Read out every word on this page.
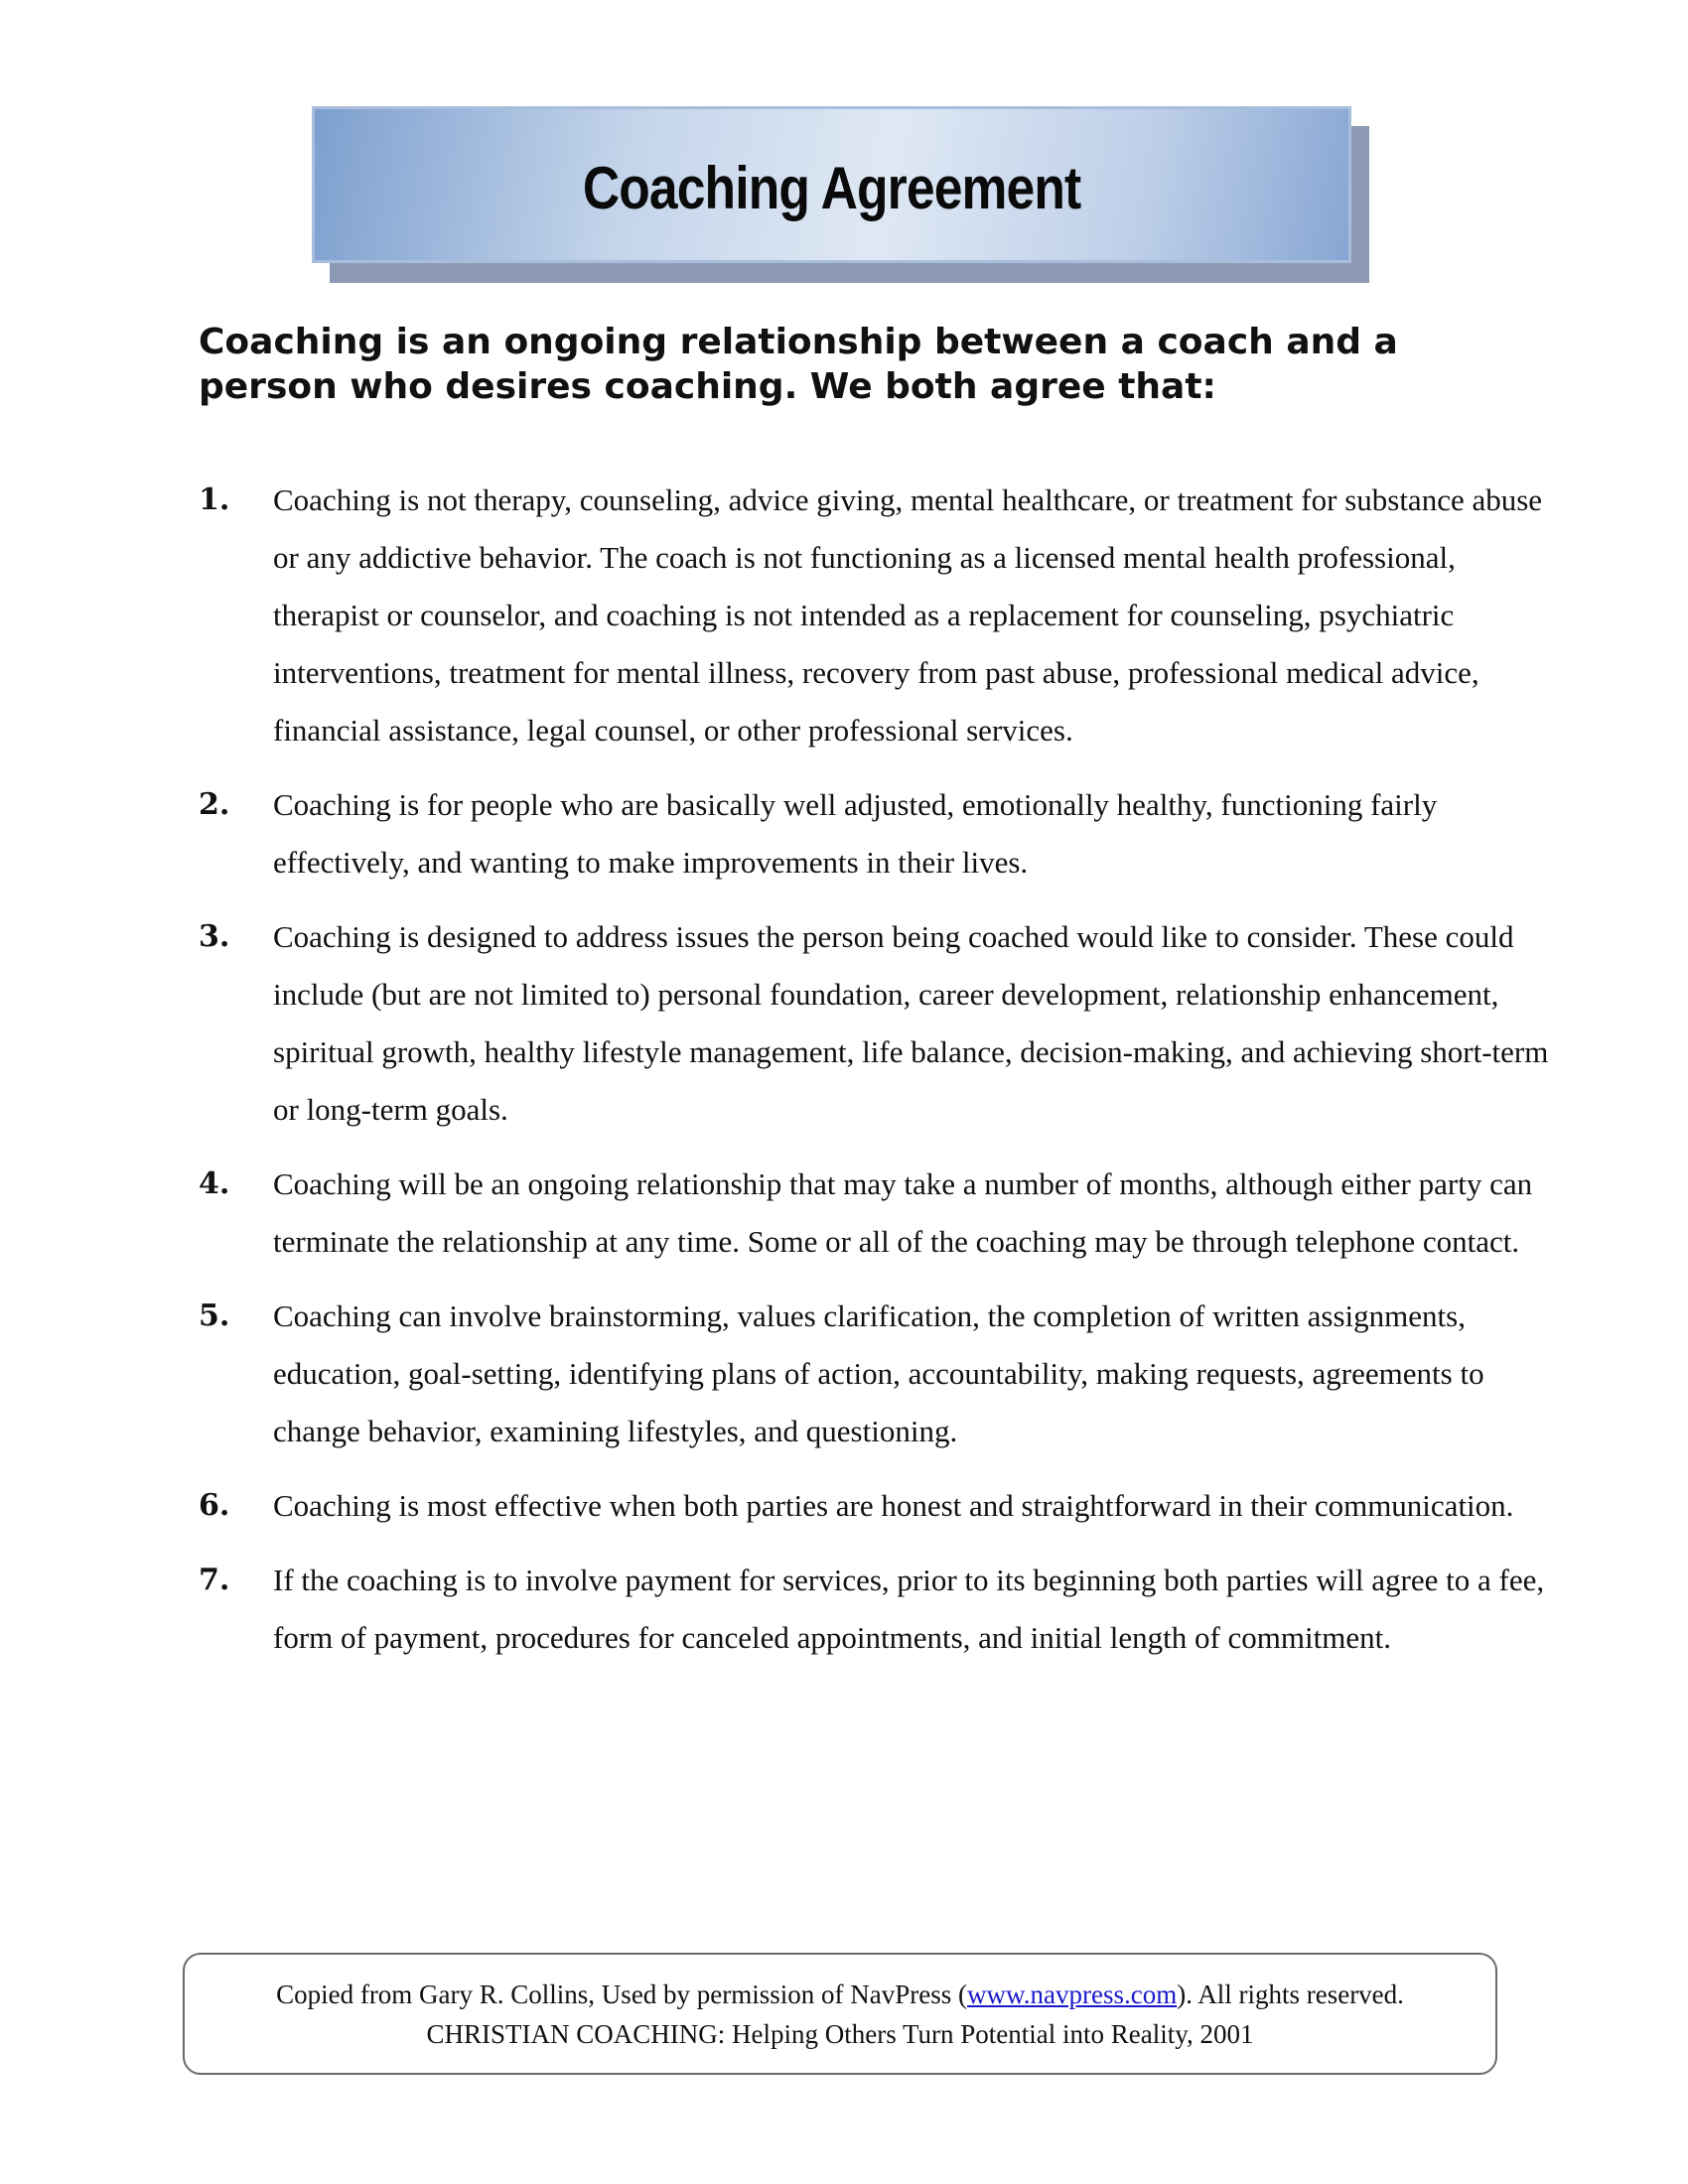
Coaching Agreement

Coaching is an ongoing relationship between a coach and a person who desires coaching. We both agree that:

1.	Coaching is not therapy, counseling, advice giving, mental healthcare, or treatment for substance abuse or any addictive behavior. The coach is not functioning as a licensed mental health professional, therapist or counselor, and coaching is not intended as a replacement for counseling, psychiatric interventions, treatment for mental illness, recovery from past abuse, professional medical advice, financial assistance, legal counsel, or other professional services.
2.	Coaching is for people who are basically well adjusted, emotionally healthy, functioning fairly effectively, and wanting to make improvements in their lives.
3.	Coaching is designed to address issues the person being coached would like to consider. These could include (but are not limited to) personal foundation, career development, relationship enhancement, spiritual growth, healthy lifestyle management, life balance, decision-making, and achieving short-term or long-term goals.
4.	Coaching will be an ongoing relationship that may take a number of months, although either party can terminate the relationship at any time. Some or all of the coaching may be through telephone contact.
5.	Coaching can involve brainstorming, values clarification, the completion of written assignments, education, goal-setting, identifying plans of action, accountability, making requests, agreements to change behavior, examining lifestyles, and questioning.
6.	Coaching is most effective when both parties are honest and straightforward in their communication.
7.	If the coaching is to involve payment for services, prior to its beginning both parties will agree to a fee, form of payment, procedures for canceled appointments, and initial length of commitment.
Copied from Gary R. Collins, Used by permission of NavPress (www.navpress.com). All rights reserved.
CHRISTIAN COACHING: Helping Others Turn Potential into Reality, 2001
